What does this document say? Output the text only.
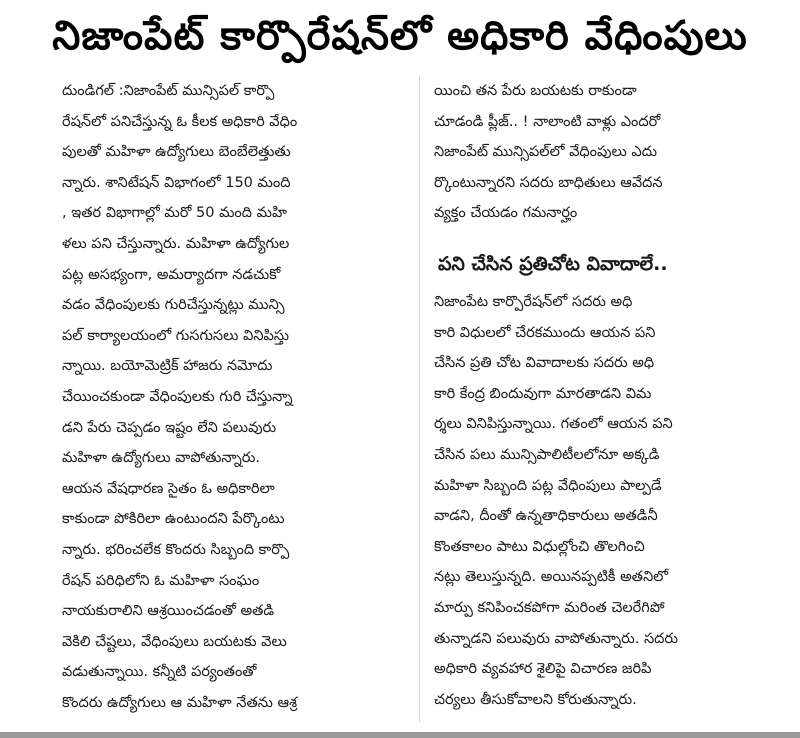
నిజాంపేట్ కార్పొరేషన్‌లో అధికారి వేధింపులు
దుండిగల్ :నిజాంపేట్ మున్సిపల్ కార్పొ
రేషన్‌లో పనిచేస్తున్న ఓ కీలక అధికారి వేధిం
పులతో మహిళా ఉద్యోగులు బెంబేలెత్తుతు
న్నారు. శానిటేషన్ విభాగంలో 150 మంది
, ఇతర విభాగాల్లో మరో 50 మంది మహి
ళలు పని చేస్తున్నారు. మహిళా ఉద్యోగుల
పట్ల అసభ్యంగా, అమర్యాదగా నడచుకో
వడం వేధింపులకు గురిచేస్తున్నట్లు మున్సి
పల్ కార్యాలయంలో గుసగుసలు వినిపిస్తు
న్నాయి. బయోమెట్రిక్ హాజరు నమోదు
చేయించకుండా వేధింపులకు గురి చేస్తున్నా
డని పేరు చెప్పడం ఇష్టం లేని పలువురు
మహిళా ఉద్యోగులు వాపోతున్నారు.
ఆయన వేషధారణ సైతం ఓ అధికారిలా
కాకుండా పోకిరిలా ఉంటుందని పేర్కొంటు
న్నారు. భరించలేక కొందరు సిబ్బంది కార్పొ
రేషన్ పరిధిలోని ఓ మహిళా సంఘం
నాయకురాలిని ఆశ్రయించడంతో అతడి
వెకిలి చేష్టలు, వేధింపులు బయటకు వెలు
వడుతున్నాయి. కన్నీటి పర్యంతంతో
కొందరు ఉద్యోగులు ఆ మహిళా నేతను ఆశ్ర
యించి తన పేరు బయటకు రాకుండా
చూడండి ప్లీజ్.. ! నాలాంటి వాళ్లు ఎందరో
నిజాంపేట్ మున్సిపల్‌లో వేధింపులు ఎదు
ర్కొంటున్నారని సదరు బాధితులు ఆవేదన
వ్యక్తం చేయడం గమనార్హం
పని చేసిన ప్రతిచోట వివాదాలే..
నిజాంపేట కార్పొరేషన్‌లో సదరు అధి
కారి విధులలో చేరకముందు ఆయన పని
చేసిన ప్రతి చోట వివాదాలకు సదరు అధి
కారి కేంద్ర బిందువుగా మారతాడని విమ
ర్శలు వినిపిస్తున్నాయి. గతంలో ఆయన పని
చేసిన పలు మున్సిపాలిటీలలోనూ అక్కడి
మహిళా సిబ్బంది పట్ల వేధింపులు పాల్పడే
వాడని, దీంతో ఉన్నతాధికారులు అతడినీ
కొంతకాలం పాటు విధుల్లోంచి తొలగించి
నట్లు తెలుస్తున్నది. అయినప్పటికీ అతనిలో
మార్పు కనిపించకపోగా మరింత చెలరేగిపో
తున్నాడని పలువురు వాపోతున్నారు. సదరు
అధికారి వ్యవహార శైలిపై విచారణ జరిపి
చర్యలు తీసుకోవాలని కోరుతున్నారు.
